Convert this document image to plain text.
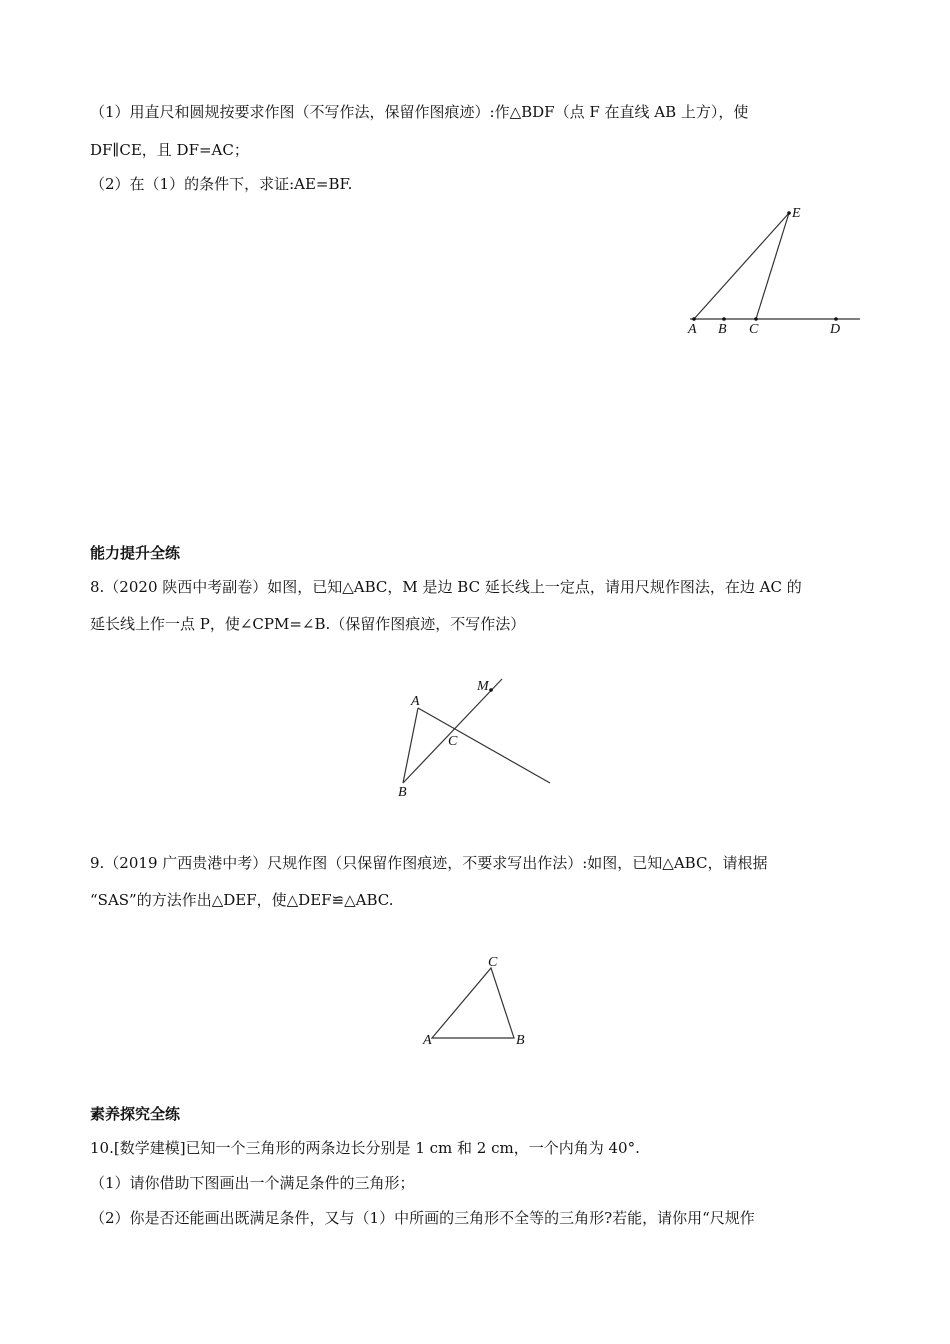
（1）用直尺和圆规按要求作图（不写作法，保留作图痕迹）:作△BDF（点 F 在直线 AB 上方），使
DF∥CE，且 DF=AC；
（2）在（1）的条件下，求证:AE=BF.
A B C	D
E
能力提升全练
8.（2020 陕西中考副卷）如图，已知△ABC，M 是边 BC 延长线上一定点，请用尺规作图法，在边 AC 的
延长线上作一点 P，使∠CPM=∠B.（保留作图痕迹，不写作法）
A
B
C
M
9.（2019 广西贵港中考）尺规作图（只保留作图痕迹，不要求写出作法）:如图，已知△ABC，请根据
“SAS”的方法作出△DEF，使△DEF≌△ABC.
A	B
C
素养探究全练
10.[数学建模]已知一个三角形的两条边长分别是 1 cm 和 2 cm，一个内角为 40°.
（1）请你借助下图画出一个满足条件的三角形；
（2）你是否还能画出既满足条件，又与（1）中所画的三角形不全等的三角形?若能，请你用“尺规作
